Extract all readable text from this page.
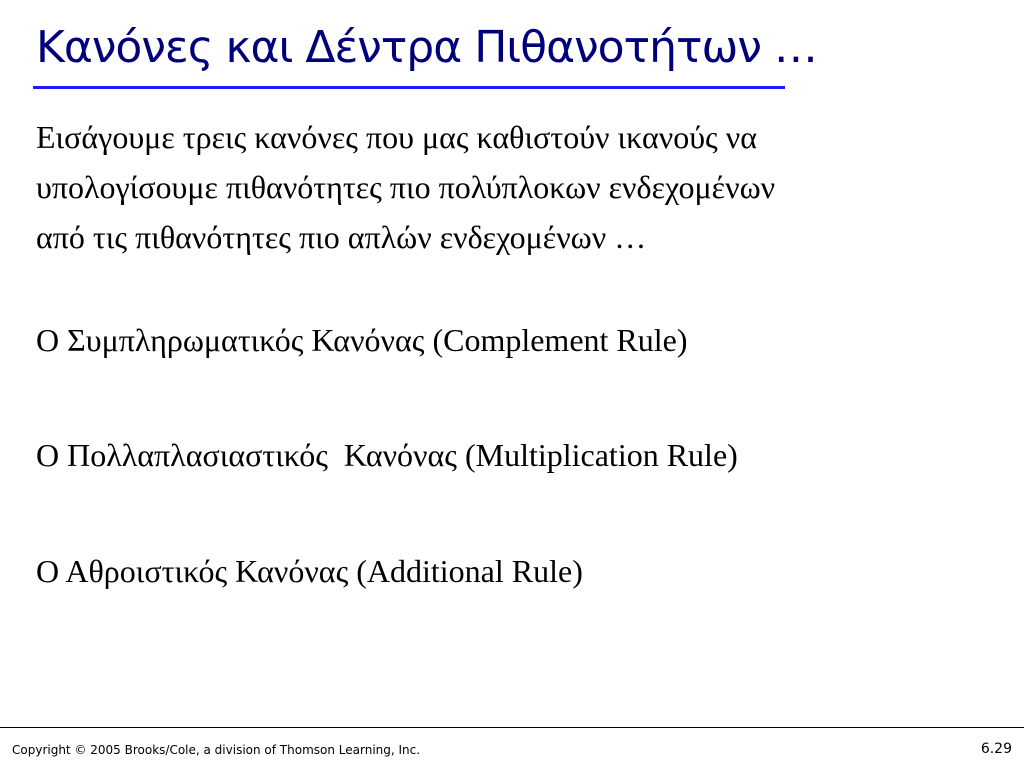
Κανόνες και Δέντρα Πιθανοτήτων …
Εισάγουμε τρεις κανόνες που μας καθιστούν ικανούς να
υπολογίσουμε πιθανότητες πιο πολύπλοκων ενδεχομένων
από τις πιθανότητες πιο απλών ενδεχομένων …
Ο Συμπληρωματικός Κανόνας (Complement Rule)
Ο Πολλαπλασιαστικός  Κανόνας (Multiplication Rule)
Ο Αθροιστικός Κανόνας (Additional Rule)
Copyright © 2005 Brooks/Cole, a division of Thomson Learning, Inc.	6.29
